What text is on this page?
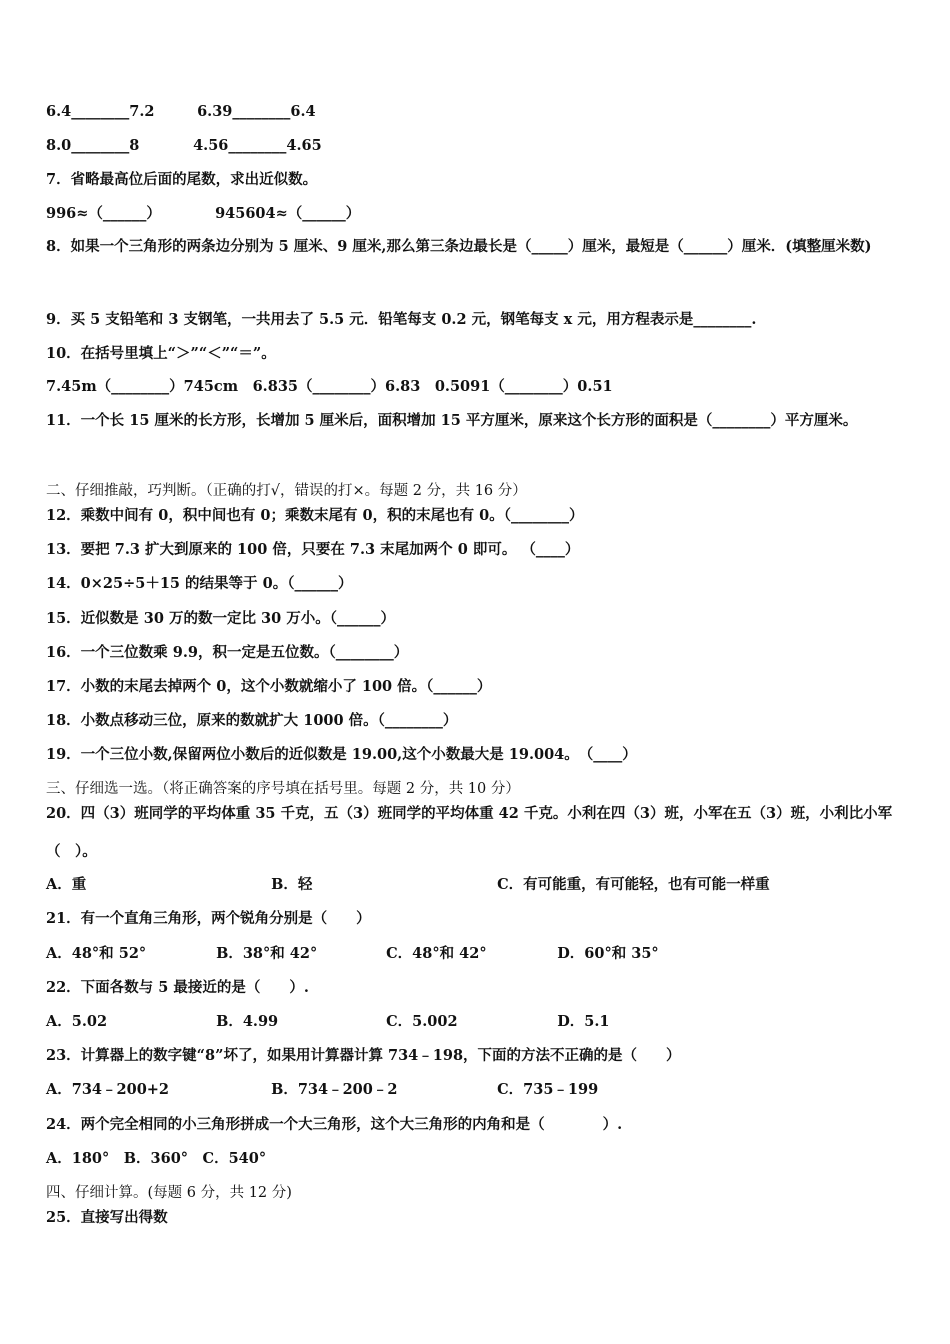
6.4________7.2	6.39________6.4
8.0________8	4.56________4.65
7．省略最高位后面的尾数，求出近似数。
996≈（______）	945604≈（______）
8．如果一个三角形的两条边分别为 5 厘米、9 厘米,那么第三条边最长是（_____）厘米，最短是（______）厘米．(填整厘米数)
9．买 5 支铅笔和 3 支钢笔，一共用去了 5.5 元．铅笔每支 0.2 元，钢笔每支 x 元，用方程表示是________.
10．在括号里填上“＞”“＜”“＝”。
7.45m（________）745cm　6.835（________）6.83　0.5091（________）0.51
11．一个长 15 厘米的长方形，长增加 5 厘米后，面积增加 15 平方厘米，原来这个长方形的面积是（________）平方厘米。
二、仔细推敲，巧判断。（正确的打√，错误的打×。每题 2 分，共 16 分）
12．乘数中间有 0，积中间也有 0；乘数末尾有 0，积的末尾也有 0。（________）
13．要把 7.3 扩大到原来的 100 倍，只要在 7.3 末尾加两个 0 即可。 （____）
14．0×25÷5＋15 的结果等于 0。（______）
15．近似数是 30 万的数一定比 30 万小。（______）
16．一个三位数乘 9.9，积一定是五位数。（________）
17．小数的末尾去掉两个 0，这个小数就缩小了 100 倍。（______）
18．小数点移动三位，原来的数就扩大 1000 倍。（________）
19．一个三位小数,保留两位小数后的近似数是 19.00,这个小数最大是 19.004。　（____）
三、仔细选一选。（将正确答案的序号填在括号里。每题 2 分，共 10 分）
20．四（3）班同学的平均体重 35 千克，五（3）班同学的平均体重 42 千克。小利在四（3）班，小军在五（3）班，小利比小军（　）。
A．重	B．轻	C．有可能重，有可能轻，也有可能一样重
21．有一个直角三角形，两个锐角分别是（　　）
A．48°和 52°	B．38°和 42°	C．48°和 42°	D．60°和 35°
22．下面各数与 5 最接近的是（　　）.
A．5.02	B．4.99	C．5.002	D．5.1
23．计算器上的数字键“8”坏了，如果用计算器计算 734﹣198，下面的方法不正确的是（　　）
A．734﹣200+2	B．734﹣200﹣2	C．735﹣199
24．两个完全相同的小三角形拼成一个大三角形，这个大三角形的内角和是（　　　　）.
A．180°　B．360°　C．540°
四、仔细计算。(每题 6 分，共 12 分)
25．直接写出得数
